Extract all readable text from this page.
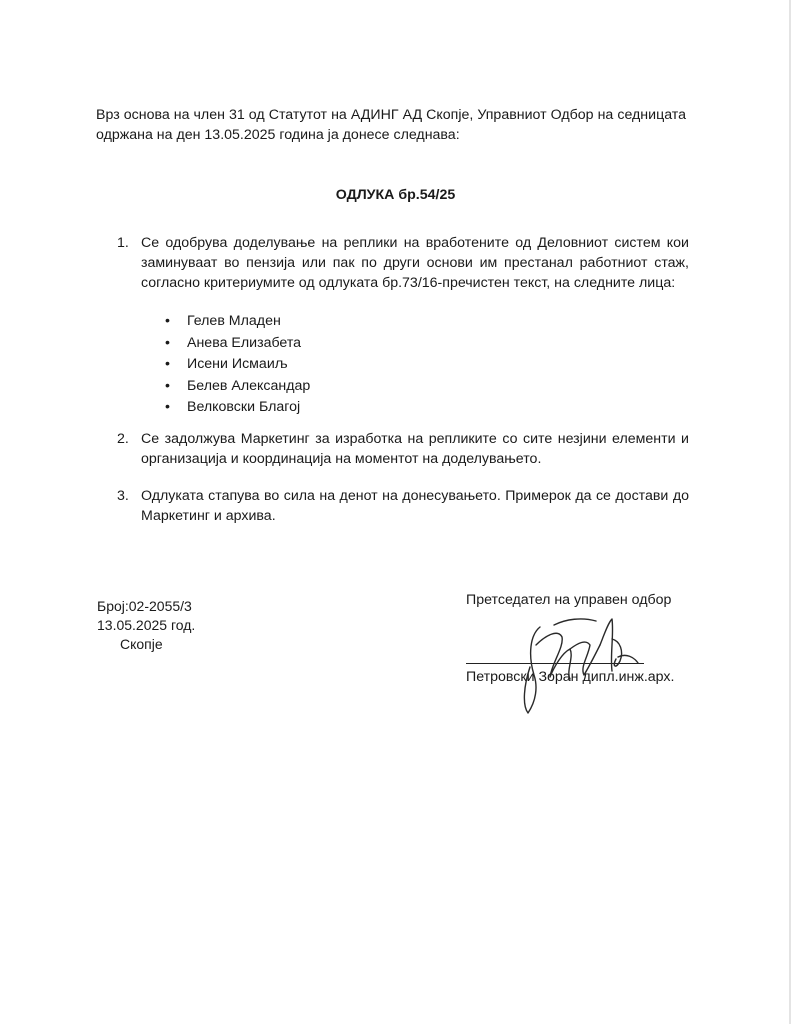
Врз основа на член 31 од Статутот на АДИНГ АД Скопје, Управниот Одбор на седницата одржана на ден 13.05.2025 година ја донесе следнава:

ОДЛУКА бр.54/25
1. Се одобрува доделување на реплики на вработените од Деловниот систем кои заминуваат во пензија или пак по други основи им престанал работниот стаж, согласно критериумите од одлуката бр.73/16-пречистен текст, на следните лица:
• Гелев Младен
• Анева Елизабета
• Исени Исмаиљ
• Белев Александар
• Велковски Благој
2. Се задолжува Маркетинг за изработка на репликите со сите незјини елементи и организација и координација на моментот на доделувањето.
3. Одлуката стапува во сила на денот на донесувањето. Примерок да се достави до Маркетинг и архива.
Број:02-2055/3
13.05.2025 год.
Скопје
Претседател на управен одбор
Петровски Зоран дипл.инж.арх.
